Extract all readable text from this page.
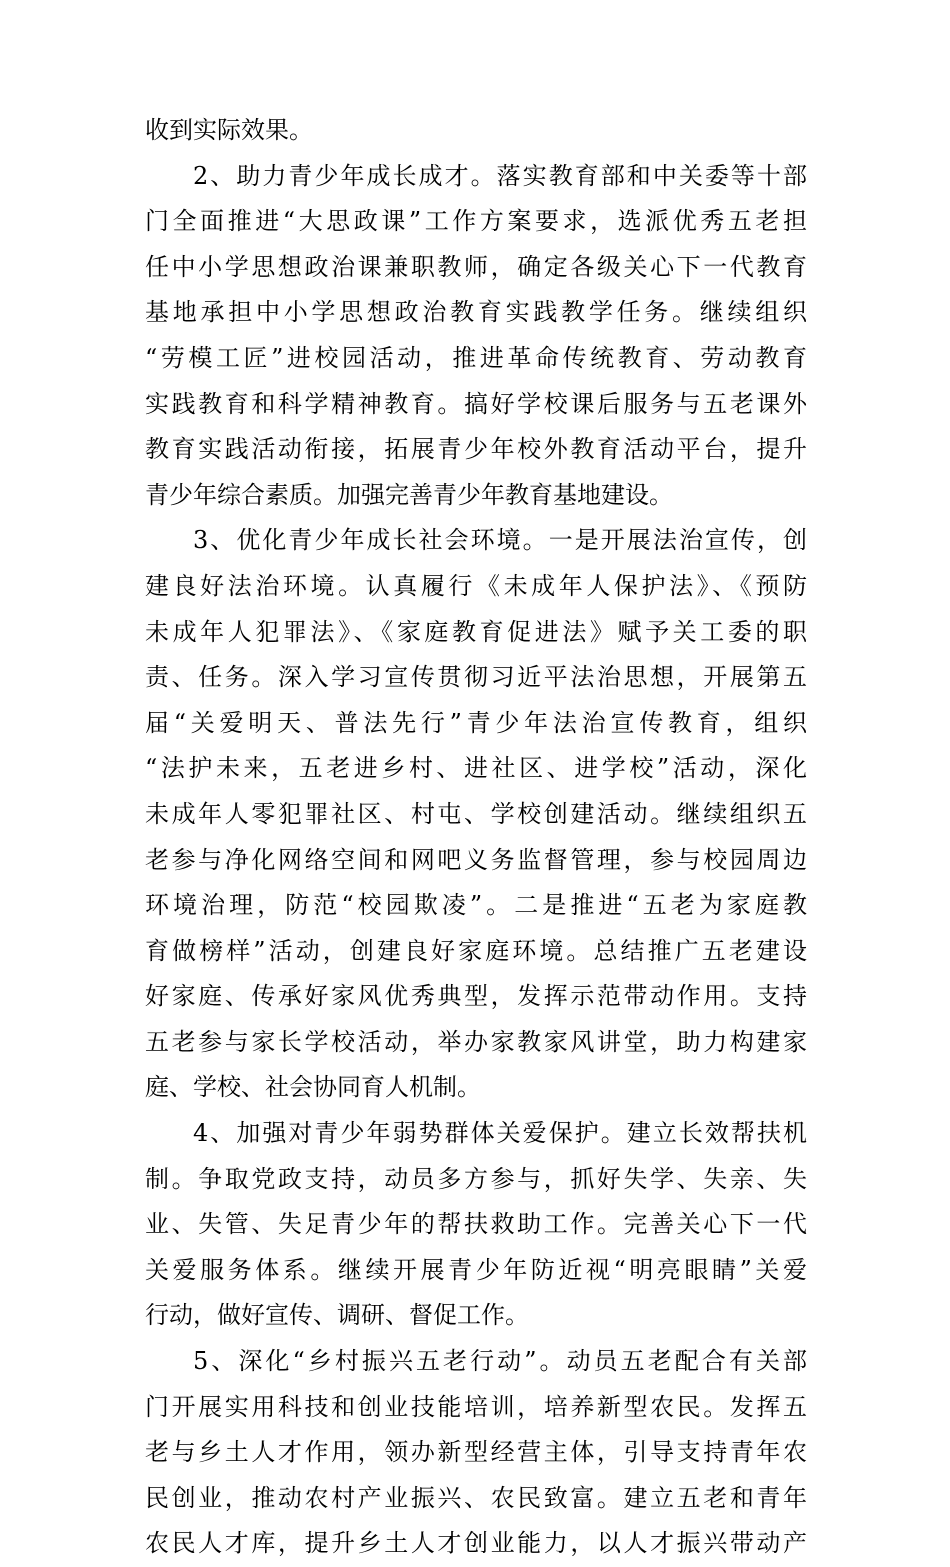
收到实际效果。
2、助力青少年成长成才。落实教育部和中关委等十部
门全面推进“大思政课”工作方案要求，选派优秀五老担
任中小学思想政治课兼职教师，确定各级关心下一代教育
基地承担中小学思想政治教育实践教学任务。继续组织
“劳模工匠”进校园活动，推进革命传统教育、劳动教育
实践教育和科学精神教育。搞好学校课后服务与五老课外
教育实践活动衔接，拓展青少年校外教育活动平台，提升
青少年综合素质。加强完善青少年教育基地建设。
3、优化青少年成长社会环境。一是开展法治宣传，创
建良好法治环境。认真履行《未成年人保护法》、《预防
未成年人犯罪法》、《家庭教育促进法》赋予关工委的职
责、任务。深入学习宣传贯彻习近平法治思想，开展第五
届“关爱明天、普法先行”青少年法治宣传教育，组织
“法护未来，五老进乡村、进社区、进学校”活动，深化
未成年人零犯罪社区、村屯、学校创建活动。继续组织五
老参与净化网络空间和网吧义务监督管理，参与校园周边
环境治理，防范“校园欺凌”。二是推进“五老为家庭教
育做榜样”活动，创建良好家庭环境。总结推广五老建设
好家庭、传承好家风优秀典型，发挥示范带动作用。支持
五老参与家长学校活动，举办家教家风讲堂，助力构建家
庭、学校、社会协同育人机制。
4、加强对青少年弱势群体关爱保护。建立长效帮扶机
制。争取党政支持，动员多方参与，抓好失学、失亲、失
业、失管、失足青少年的帮扶救助工作。完善关心下一代
关爱服务体系。继续开展青少年防近视“明亮眼睛”关爱
行动，做好宣传、调研、督促工作。
5、深化“乡村振兴五老行动”。动员五老配合有关部
门开展实用科技和创业技能培训，培养新型农民。发挥五
老与乡土人才作用，领办新型经营主体，引导支持青年农
民创业，推动农村产业振兴、农民致富。建立五老和青年
农民人才库，提升乡土人才创业能力，以人才振兴带动产
